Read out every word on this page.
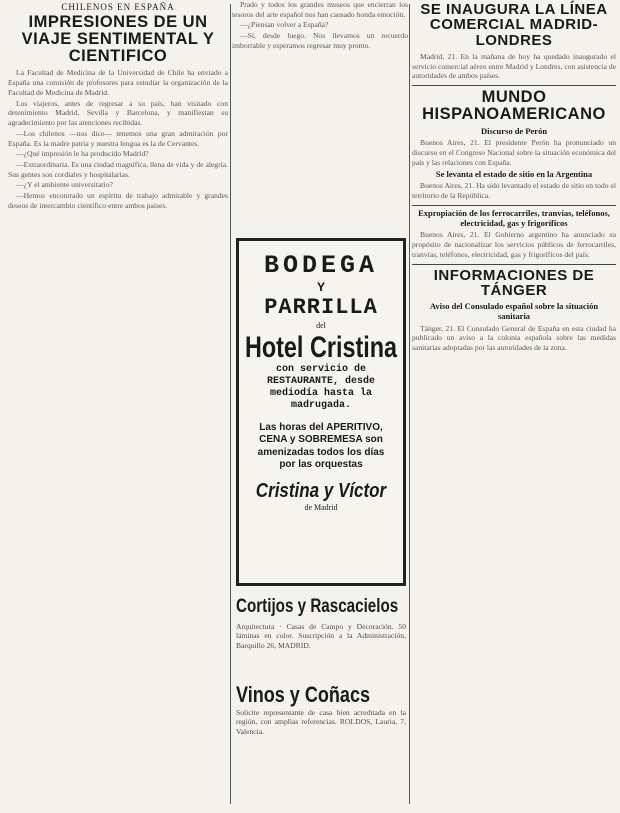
CHILENOS EN ESPAÑA
IMPRESIONES DE UN VIAJE SENTIMENTAL Y CIENTIFICO

La Facultad de Medicina de la Universidad de Chile ha enviado a España una comisión de profesores para estudiar la organización de la Facultad de Medicina de Madrid.

Los viajeros, antes de regresar a su país, han visitado con detenimiento Madrid, Sevilla y Barcelona, y manifiestan su agradecimiento por las atenciones recibidas.

—Los chilenos —nos dice— tenemos una gran admiración por España. Es la madre patria y nuestra lengua es la de Cervantes.

—¿Qué impresión le ha producido Madrid?

—Extraordinaria. Es una ciudad magnífica, llena de vida y de alegría. Sus gentes son cordiales y hospitalarias.

—¿Y el ambiente universitario?

—Hemos encontrado un espíritu de trabajo admirable y grandes deseos de intercambio científico entre ambos países.

Prado y todos los grandes museos que encierran los tesoros del arte español nos han causado honda emoción.

—¿Piensan volver a España?

—Sí, desde luego. Nos llevamos un recuerdo imborrable y esperamos regresar muy pronto.

BODEGA
Y
PARRILLA
del
Hotel Cristina
con servicio de RESTAURANTE, desde mediodía hasta la madrugada.
Las horas del APERITIVO, CENA y SOBREMESA son amenizadas todos los días por las orquestas
Cristina y Víctor
de Madrid
Cortijos y Rascacielos
Arquitectura · Casas de Campo y Decoración. 50 láminas en color. Suscripción a la Administración, Barquillo 26, MADRID.
Vinos y Coñacs
Solicite representante de casa bien acreditada en la región, con amplias referencias. ROLDOS, Lauria, 7, Valencia.
SE INAUGURA LA LÍNEA COMERCIAL MADRID-LONDRES

Madrid, 21. En la mañana de hoy ha quedado inaugurado el servicio comercial aéreo entre Madrid y Londres, con asistencia de autoridades de ambos países.

MUNDO HISPANOAMERICANO
Discurso de Perón

Buenos Aires, 21. El presidente Perón ha pronunciado un discurso en el Congreso Nacional sobre la situación económica del país y las relaciones con España.

Se levanta el estado de sitio en la Argentina

Buenos Aires, 21. Ha sido levantado el estado de sitio en todo el territorio de la República.

Expropiación de los ferrocarriles, tranvías, teléfonos, electricidad, gas y frigoríficos

Buenos Aires, 21. El Gobierno argentino ha anunciado su propósito de nacionalizar los servicios públicos de ferrocarriles, tranvías, teléfonos, electricidad, gas y frigoríficos del país.

INFORMACIONES DE TÁNGER
Aviso del Consulado español sobre la situación sanitaria

Tánger, 21. El Consulado General de España en esta ciudad ha publicado un aviso a la colonia española sobre las medidas sanitarias adoptadas por las autoridades de la zona.
